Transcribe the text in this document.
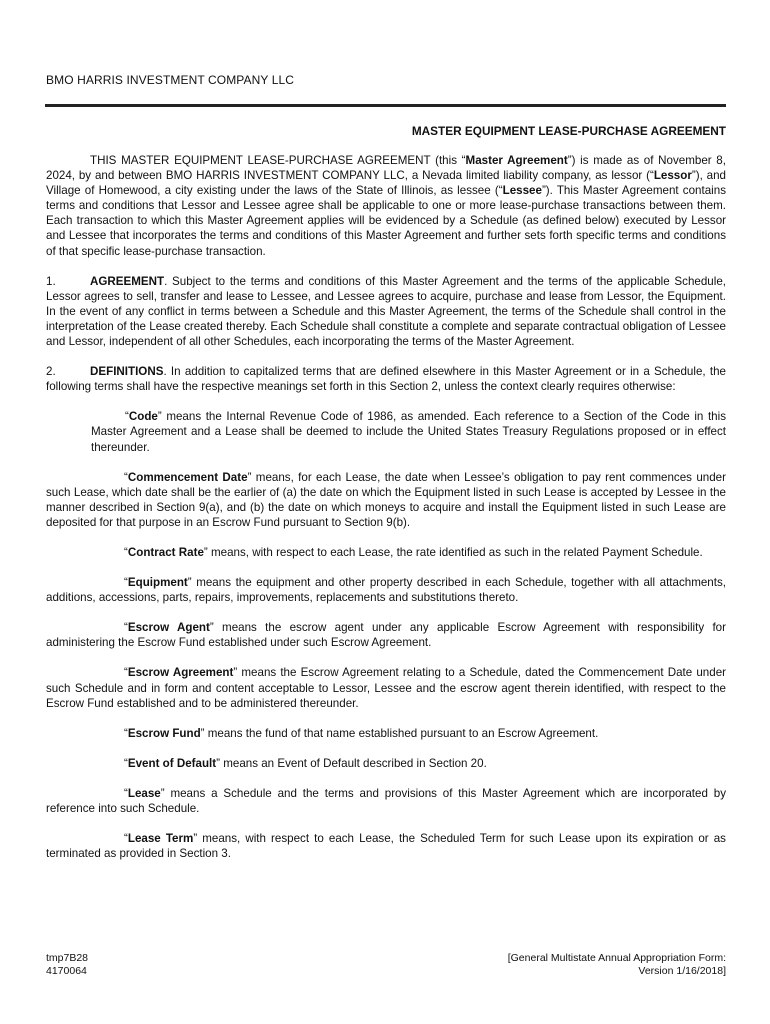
BMO HARRIS INVESTMENT COMPANY LLC
MASTER EQUIPMENT LEASE-PURCHASE AGREEMENT

THIS MASTER EQUIPMENT LEASE-PURCHASE AGREEMENT (this “Master Agreement”) is made as of November 8, 2024, by and between BMO HARRIS INVESTMENT COMPANY LLC, a Nevada limited liability company, as lessor (“Lessor”), and Village of Homewood, a city existing under the laws of the State of Illinois, as lessee (“Lessee”). This Master Agreement contains terms and conditions that Lessor and Lessee agree shall be applicable to one or more lease-purchase transactions between them. Each transaction to which this Master Agreement applies will be evidenced by a Schedule (as defined below) executed by Lessor and Lessee that incorporates the terms and conditions of this Master Agreement and further sets forth specific terms and conditions of that specific lease-purchase transaction.

1.	AGREEMENT. Subject to the terms and conditions of this Master Agreement and the terms of the applicable Schedule, Lessor agrees to sell, transfer and lease to Lessee, and Lessee agrees to acquire, purchase and lease from Lessor, the Equipment. In the event of any conflict in terms between a Schedule and this Master Agreement, the terms of the Schedule shall control in the interpretation of the Lease created thereby. Each Schedule shall constitute a complete and separate contractual obligation of Lessee and Lessor, independent of all other Schedules, each incorporating the terms of the Master Agreement.

2.	DEFINITIONS. In addition to capitalized terms that are defined elsewhere in this Master Agreement or in a Schedule, the following terms shall have the respective meanings set forth in this Section 2, unless the context clearly requires otherwise:

“Code” means the Internal Revenue Code of 1986, as amended. Each reference to a Section of the Code in this Master Agreement and a Lease shall be deemed to include the United States Treasury Regulations proposed or in effect thereunder.

“Commencement Date” means, for each Lease, the date when Lessee’s obligation to pay rent commences under such Lease, which date shall be the earlier of (a) the date on which the Equipment listed in such Lease is accepted by Lessee in the manner described in Section 9(a), and (b) the date on which moneys to acquire and install the Equipment listed in such Lease are deposited for that purpose in an Escrow Fund pursuant to Section 9(b).

“Contract Rate” means, with respect to each Lease, the rate identified as such in the related Payment Schedule.

“Equipment” means the equipment and other property described in each Schedule, together with all attachments, additions, accessions, parts, repairs, improvements, replacements and substitutions thereto.

“Escrow Agent” means the escrow agent under any applicable Escrow Agreement with responsibility for administering the Escrow Fund established under such Escrow Agreement.

“Escrow Agreement” means the Escrow Agreement relating to a Schedule, dated the Commencement Date under such Schedule and in form and content acceptable to Lessor, Lessee and the escrow agent therein identified, with respect to the Escrow Fund established and to be administered thereunder.

“Escrow Fund” means the fund of that name established pursuant to an Escrow Agreement.

“Event of Default” means an Event of Default described in Section 20.

“Lease” means a Schedule and the terms and provisions of this Master Agreement which are incorporated by reference into such Schedule.

“Lease Term” means, with respect to each Lease, the Scheduled Term for such Lease upon its expiration or as terminated as provided in Section 3.

tmp7B28
4170064
[General Multistate Annual Appropriation Form:
Version 1/16/2018]
